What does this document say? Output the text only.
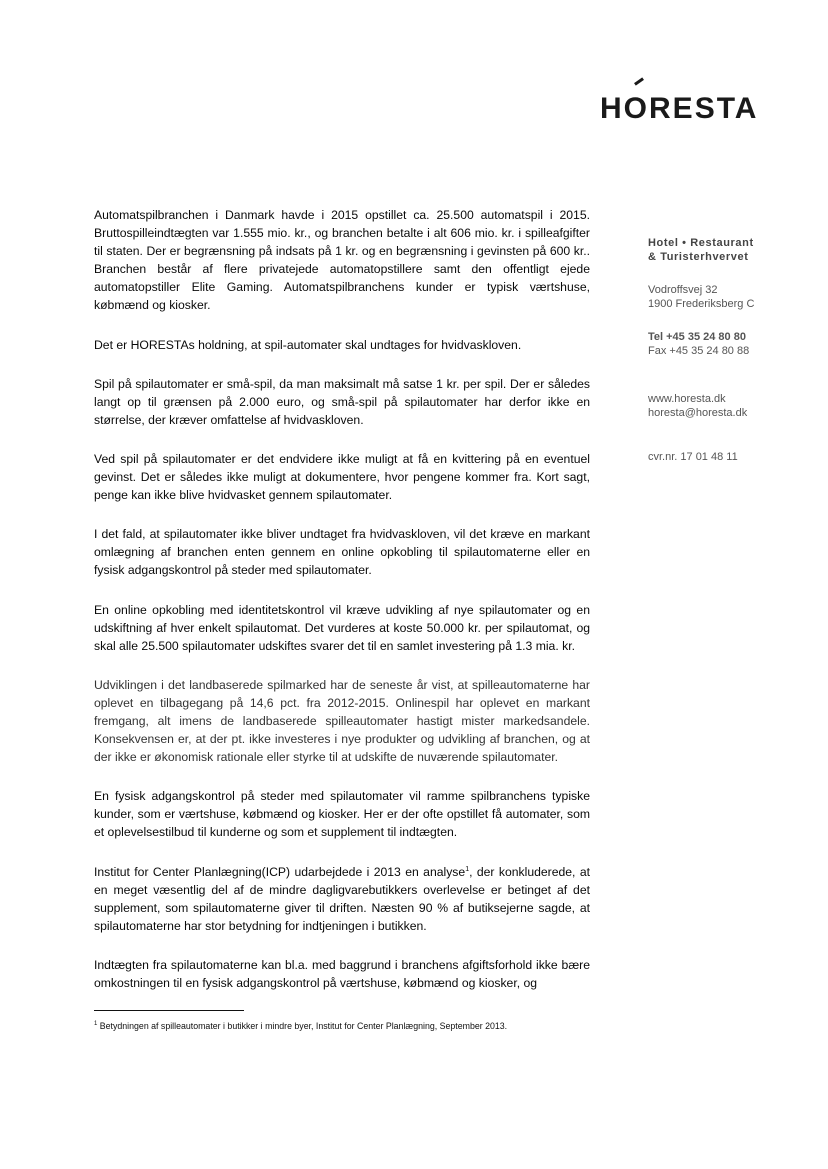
H
ORESTA
Hotel • Restaurant
& Turisterhvervet
Vodroffsvej 32
1900 Frederiksberg C
Tel +45 35 24 80 80
Fax +45 35 24 80 88
www.horesta.dk
horesta@horesta.dk
cvr.nr. 17 01 48 11

Automatspilbranchen i Danmark havde i 2015 opstillet ca. 25.500 automatspil i 2015. Bruttospilleindtægten var 1.555 mio. kr., og branchen betalte i alt 606 mio. kr. i spilleafgifter til staten. Der er begrænsning på indsats på 1 kr. og en begrænsning i gevinsten på 600 kr.. Branchen består af flere privatejede automatopstillere samt den offentligt ejede automatopstiller Elite Gaming. Automatspilbranchens kunder er typisk værtshuse, købmænd og kiosker.

Det er HORESTAs holdning, at spil-automater skal undtages for hvidvaskloven.

Spil på spilautomater er små-spil, da man maksimalt må satse 1 kr. per spil. Der er således langt op til grænsen på 2.000 euro, og små-spil på spilautomater har derfor ikke en størrelse, der kræver omfattelse af hvidvaskloven.

Ved spil på spilautomater er det endvidere ikke muligt at få en kvittering på en eventuel gevinst. Det er således ikke muligt at dokumentere, hvor pengene kommer fra. Kort sagt, penge kan ikke blive hvidvasket gennem spilautomater.

I det fald, at spilautomater ikke bliver undtaget fra hvidvaskloven, vil det kræve en markant omlægning af branchen enten gennem en online opkobling til spilautomaterne eller en fysisk adgangskontrol på steder med spilautomater.

En online opkobling med identitetskontrol vil kræve udvikling af nye spilautomater og en udskiftning af hver enkelt spilautomat. Det vurderes at koste 50.000 kr. per spilautomat, og skal alle 25.500 spilautomater udskiftes svarer det til en samlet investering på 1.3 mia. kr.

Udviklingen i det landbaserede spilmarked har de seneste år vist, at spilleautomaterne har oplevet en tilbagegang på 14,6 pct. fra 2012-2015. Onlinespil har oplevet en markant fremgang, alt imens de landbaserede spilleautomater hastigt mister markedsandele. Konsekvensen er, at der pt. ikke investeres i nye produkter og udvikling af branchen, og at der ikke er økonomisk rationale eller styrke til at udskifte de nuværende spilautomater.

En fysisk adgangskontrol på steder med spilautomater vil ramme spilbranchens typiske kunder, som er værtshuse, købmænd og kiosker. Her er der ofte opstillet få automater, som et oplevelsestilbud til kunderne og som et supplement til indtægten.

Institut for Center Planlægning(ICP) udarbejdede i 2013 en analyse$^1$, der konkluderede, at en meget væsentlig del af de mindre dagligvarebutikkers overlevelse er betinget af det supplement, som spilautomaterne giver til driften. Næsten 90 % af butiksejerne sagde, at spilautomaterne har stor betydning for indtjeningen i butikken.

Indtægten fra spilautomaterne kan bl.a. med baggrund i branchens afgiftsforhold ikke bære omkostningen til en fysisk adgangskontrol på værtshuse, købmænd og kiosker, og

$^1$ Betydningen af spilleautomater i butikker i mindre byer, Institut for Center Planlægning, September 2013.
